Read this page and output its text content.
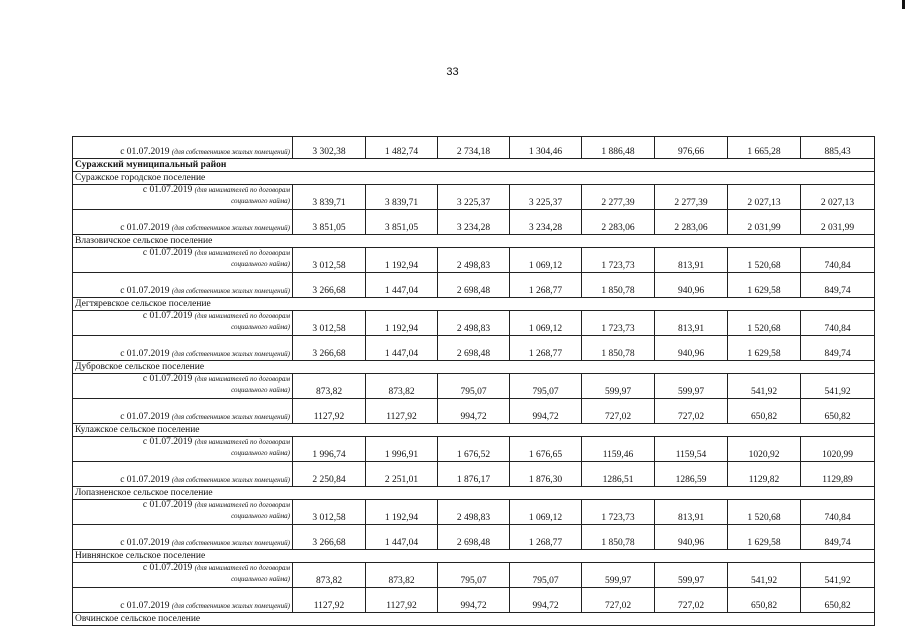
33
с 01.07.2019 (для собственников жилых помещений)	3 302,38	1 482,74	2 734,18	1 304,46	1 886,48	976,66	1 665,28	885,43
Суражский муниципальный район								
Суражское городское поселение								

с 01.07.2019 (для нанимателей по договорам
социального найма)	3 839,71	3 839,71	3 225,37	3 225,37	2 277,39	2 277,39	2 027,13	2 027,13
с 01.07.2019 (для собственников жилых помещений)	3 851,05	3 851,05	3 234,28	3 234,28	2 283,06	2 283,06	2 031,99	2 031,99
Влазовичское сельское поселение								

с 01.07.2019 (для нанимателей по договорам
социального найма)	3 012,58	1 192,94	2 498,83	1 069,12	1 723,73	813,91	1 520,68	740,84
с 01.07.2019 (для собственников жилых помещений)	3 266,68	1 447,04	2 698,48	1 268,77	1 850,78	940,96	1 629,58	849,74
Дегтяревское сельское поселение								

с 01.07.2019 (для нанимателей по договорам
социального найма)	3 012,58	1 192,94	2 498,83	1 069,12	1 723,73	813,91	1 520,68	740,84
с 01.07.2019 (для собственников жилых помещений)	3 266,68	1 447,04	2 698,48	1 268,77	1 850,78	940,96	1 629,58	849,74
Дубровское сельское поселение								

с 01.07.2019 (для нанимателей по договорам
социального найма)	873,82	873,82	795,07	795,07	599,97	599,97	541,92	541,92
с 01.07.2019 (для собственников жилых помещений)	1127,92	1127,92	994,72	994,72	727,02	727,02	650,82	650,82
Кулажское сельское поселение								

с 01.07.2019 (для нанимателей по договорам
социального найма)	1 996,74	1 996,91	1 676,52	1 676,65	1159,46	1159,54	1020,92	1020,99
с 01.07.2019 (для собственников жилых помещений)	2 250,84	2 251,01	1 876,17	1 876,30	1286,51	1286,59	1129,82	1129,89
Лопазненское сельское поселение								

с 01.07.2019 (для нанимателей по договорам
социального найма)	3 012,58	1 192,94	2 498,83	1 069,12	1 723,73	813,91	1 520,68	740,84
с 01.07.2019 (для собственников жилых помещений)	3 266,68	1 447,04	2 698,48	1 268,77	1 850,78	940,96	1 629,58	849,74
Нивнянское сельское поселение								

с 01.07.2019 (для нанимателей по договорам
социального найма)	873,82	873,82	795,07	795,07	599,97	599,97	541,92	541,92
с 01.07.2019 (для собственников жилых помещений)	1127,92	1127,92	994,72	994,72	727,02	727,02	650,82	650,82
Овчинское сельское поселение								
